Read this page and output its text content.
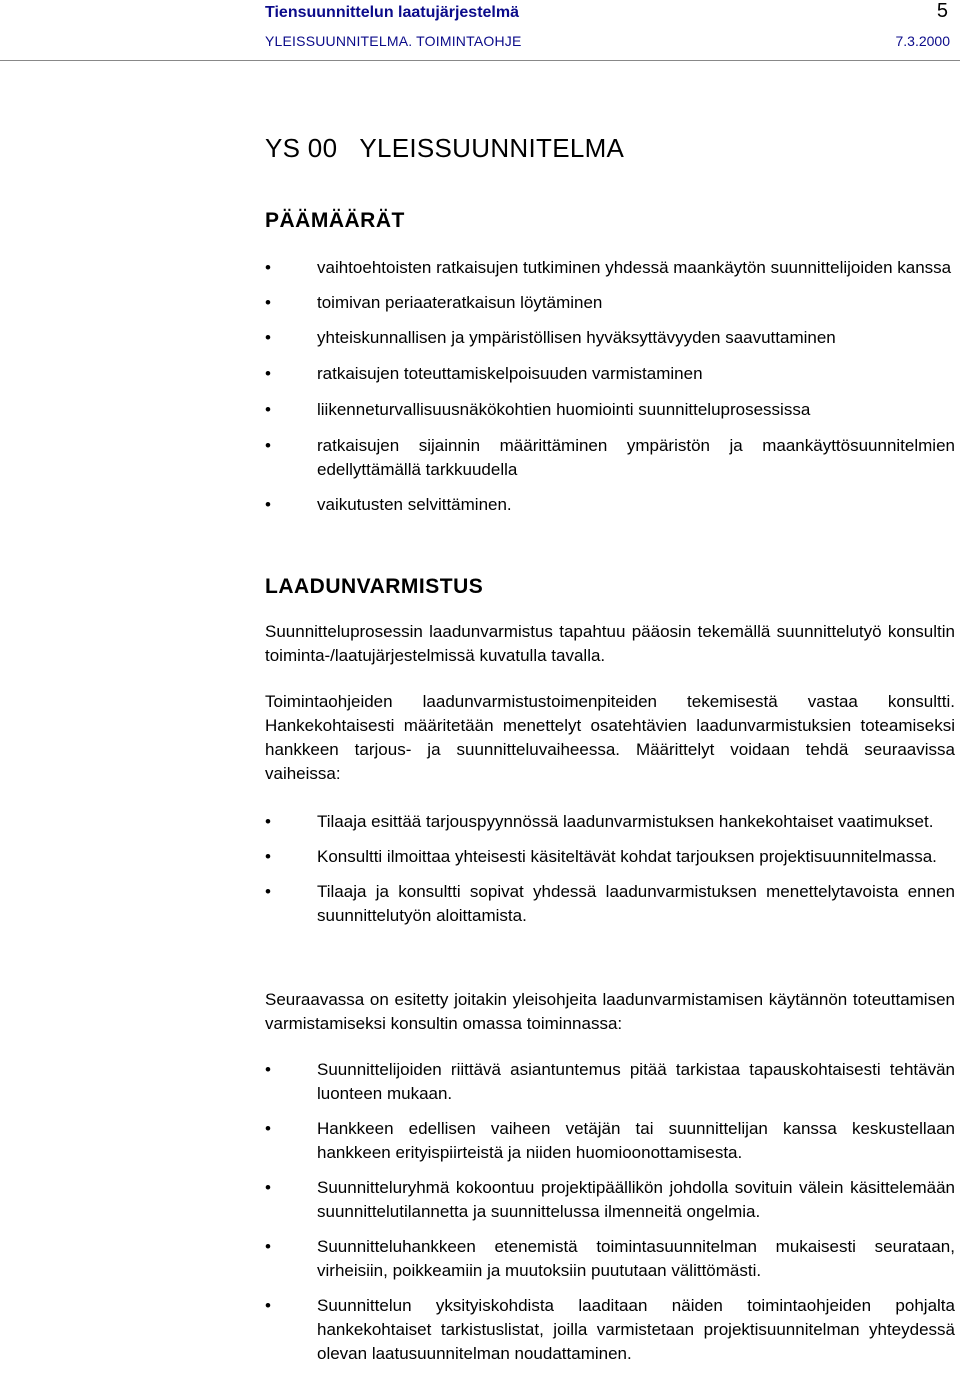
Tiensuunnittelun laatujärjestelmä	5
YLEISSUUNNITELMA. TOIMINTAOHJE	7.3.2000
YS 00 YLEISSUUNNITELMA
PÄÄMÄÄRÄT
•	vaihtoehtoisten ratkaisujen tutkiminen yhdessä maankäytön suunnittelijoiden kanssa
•	toimivan periaateratkaisun löytäminen
•	yhteiskunnallisen ja ympäristöllisen hyväksyttävyyden saavuttaminen
•	ratkaisujen toteuttamiskelpoisuuden varmistaminen
•	liikenneturvallisuusnäkökohtien huomiointi suunnitteluprosessissa
•	ratkaisujen sijainnin määrittäminen ympäristön ja maankäyttösuunnitelmien edellyttämällä tarkkuudella
•	vaikutusten selvittäminen.
LAADUNVARMISTUS

Suunnitteluprosessin laadunvarmistus tapahtuu pääosin tekemällä suunnittelutyö konsultin toiminta-/laatujärjestelmissä kuvatulla tavalla.

Toimintaohjeiden laadunvarmistustoimenpiteiden tekemisestä vastaa konsultti. Hankekohtaisesti määritetään menettelyt osatehtävien laadunvarmistuksien toteamiseksi hankkeen tarjous- ja suunnitteluvaiheessa. Määrittelyt voidaan tehdä seuraavissa vaiheissa:

•	Tilaaja esittää tarjouspyynnössä laadunvarmistuksen hankekohtaiset vaatimukset.
•	Konsultti ilmoittaa yhteisesti käsiteltävät kohdat tarjouksen projektisuunnitelmassa.
•	Tilaaja ja konsultti sopivat yhdessä laadunvarmistuksen menettelytavoista ennen suunnittelutyön aloittamista.

Seuraavassa on esitetty joitakin yleisohjeita laadunvarmistamisen käytännön toteuttamisen varmistamiseksi konsultin omassa toiminnassa:

•	Suunnittelijoiden riittävä asiantuntemus pitää tarkistaa tapauskohtaisesti tehtävän luonteen mukaan.
•	Hankkeen edellisen vaiheen vetäjän tai suunnittelijan kanssa keskustellaan hankkeen erityispiirteistä ja niiden huomioonottamisesta.
•	Suunnitteluryhmä kokoontuu projektipäällikön johdolla sovituin välein käsittelemään suunnittelutilannetta ja suunnittelussa ilmenneitä ongelmia.
•	Suunnitteluhankkeen etenemistä toimintasuunnitelman mukaisesti seurataan, virheisiin, poikkeamiin ja muutoksiin puututaan välittömästi.
•	Suunnittelun yksityiskohdista laaditaan näiden toimintaohjeiden pohjalta hankekohtaiset tarkistuslistat, joilla varmistetaan projektisuunnitelman yhteydessä olevan laatusuunnitelman noudattaminen.
